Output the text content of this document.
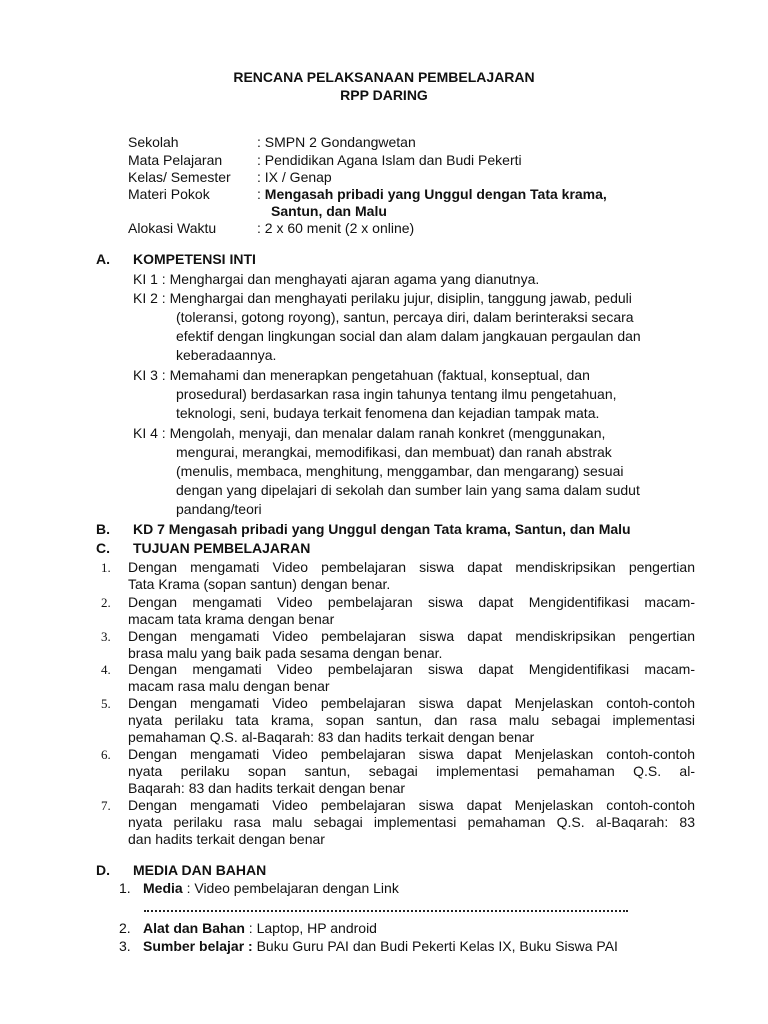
RENCANA PELAKSANAAN PEMBELAJARAN
RPP DARING
Sekolah	: SMPN 2 Gondangwetan
Mata Pelajaran : Pendidikan Agana Islam dan Budi Pekerti
Kelas/ Semester : IX / Genap
Materi Pokok	: Mengasah pribadi yang Unggul dengan Tata krama,
Santun, dan Malu
Alokasi Waktu	: 2 x 60 menit (2 x online)
A. KOMPETENSI INTI
KI 1 : Menghargai dan menghayati ajaran agama yang dianutnya.
KI 2 : Menghargai dan menghayati perilaku jujur, disiplin, tanggung jawab, peduli
(toleransi, gotong royong), santun, percaya diri, dalam berinteraksi secara
efektif dengan lingkungan social dan alam dalam jangkauan pergaulan dan
keberadaannya.
KI 3 : Memahami dan menerapkan pengetahuan (faktual, konseptual, dan
prosedural) berdasarkan rasa ingin tahunya tentang ilmu pengetahuan,
teknologi, seni, budaya terkait fenomena dan kejadian tampak mata.
KI 4 : Mengolah, menyaji, dan menalar dalam ranah konkret (menggunakan,
mengurai, merangkai, memodifikasi, dan membuat) dan ranah abstrak
(menulis, membaca, menghitung, menggambar, dan mengarang) sesuai
dengan yang dipelajari di sekolah dan sumber lain yang sama dalam sudut
pandang/teori
B. KD 7 Mengasah pribadi yang Unggul dengan Tata krama, Santun, dan Malu
C. TUJUAN PEMBELAJARAN
1. Dengan mengamati Video pembelajaran siswa dapat mendiskripsikan pengertian
Tata Krama (sopan santun) dengan benar.
2. Dengan mengamati Video pembelajaran siswa dapat Mengidentifikasi macam-
macam tata krama dengan benar
3. Dengan mengamati Video pembelajaran siswa dapat mendiskripsikan pengertian
brasa malu yang baik pada sesama dengan benar.
4. Dengan mengamati Video pembelajaran siswa dapat Mengidentifikasi macam-
macam rasa malu dengan benar
5. Dengan mengamati Video pembelajaran siswa dapat Menjelaskan contoh-contoh
nyata perilaku tata krama, sopan santun, dan rasa malu sebagai implementasi
pemahaman Q.S. al-Baqarah: 83 dan hadits terkait dengan benar
6. Dengan mengamati Video pembelajaran siswa dapat Menjelaskan contoh-contoh
nyata perilaku sopan santun, sebagai implementasi pemahaman Q.S. al-
Baqarah: 83 dan hadits terkait dengan benar
7. Dengan mengamati Video pembelajaran siswa dapat Menjelaskan contoh-contoh
nyata perilaku rasa malu sebagai implementasi pemahaman Q.S. al-Baqarah: 83
dan hadits terkait dengan benar
D. MEDIA DAN BAHAN
1. Media : Video pembelajaran dengan Link
2. Alat dan Bahan : Laptop, HP android
3. Sumber belajar : Buku Guru PAI dan Budi Pekerti Kelas IX, Buku Siswa PAI
